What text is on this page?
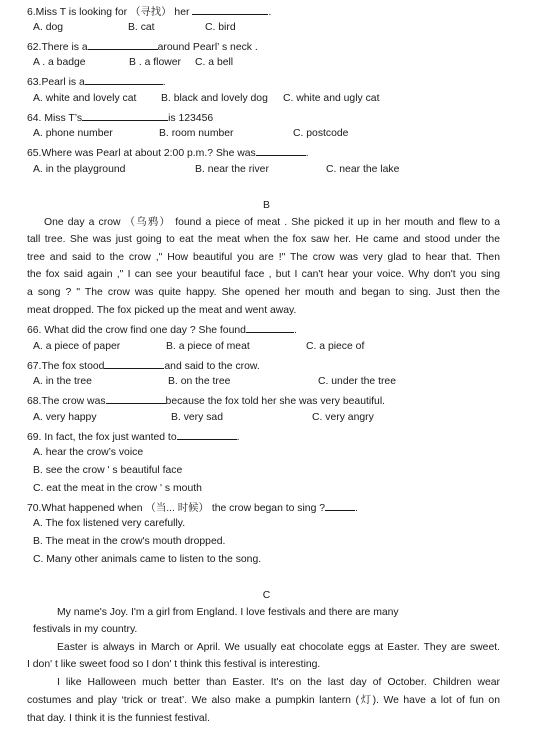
6.Miss T is looking for （寻找） her	.
A. dog	B. cat	C. bird
62.There is a	around Pearl’ s neck .
A . a badge	B . a flower C. a bell
63.Pearl is a	.
A. white and lovely cat B. black and lovely dog C. white and ugly cat
64. Miss T’s	is 123456
A. phone number	B. room number	C. postcode
65.Where was Pearl at about 2:00 p.m.? She was	.
A. in the playground	B. near the river	C. near the lake
B
One day a crow （乌鸦） found a piece of meat . She picked it up in her mouth and flew to a
tall tree. She was just going to eat the meat when the fox saw her. He came and stood under the
tree and said to the crow ," How beautiful you are !" The crow was very glad to hear that. Then
the fox said again ," I can see your beautiful face , but I can't hear your voice. Why don't you sing
a song ? " The crow was quite happy. She opened her mouth and began to sing. Just then the
meat dropped. The fox picked up the meat and went away.
66. What did the crow find one day ? She found	.
A. a piece of paper	B. a piece of meat	C. a piece of
67.The fox stood	and said to the crow.
A. in the tree	B. on the tree	C. under the tree
68.The crow was	because the fox told her she was very beautiful.
A. very happy	B. very sad	C. very angry
69. In fact, the fox just wanted to	.
A. hear the crow’s voice
B. see the crow ' s beautiful face
C. eat the meat in the crow ' s mouth
70.What happened when （当... 时候） the crow began to sing ?	.
A. The fox listened very carefully.
B. The meat in the crow's mouth dropped.
C. Many other animals came to listen to the song.
C
My name's Joy. I'm a girl from England. I love festivals and there are many
festivals in my country.
Easter is always in March or April. We usually eat chocolate eggs at Easter. They are sweet.
I don' t like sweet food so I don' t think this festival is interesting.
I like Halloween much better than Easter. It's on the last day of October. Children wear
costumes and play ‘trick or treat’. We also make a pumpkin lantern (灯). We have a lot of fun on
that day. I think it is the funniest festival.
